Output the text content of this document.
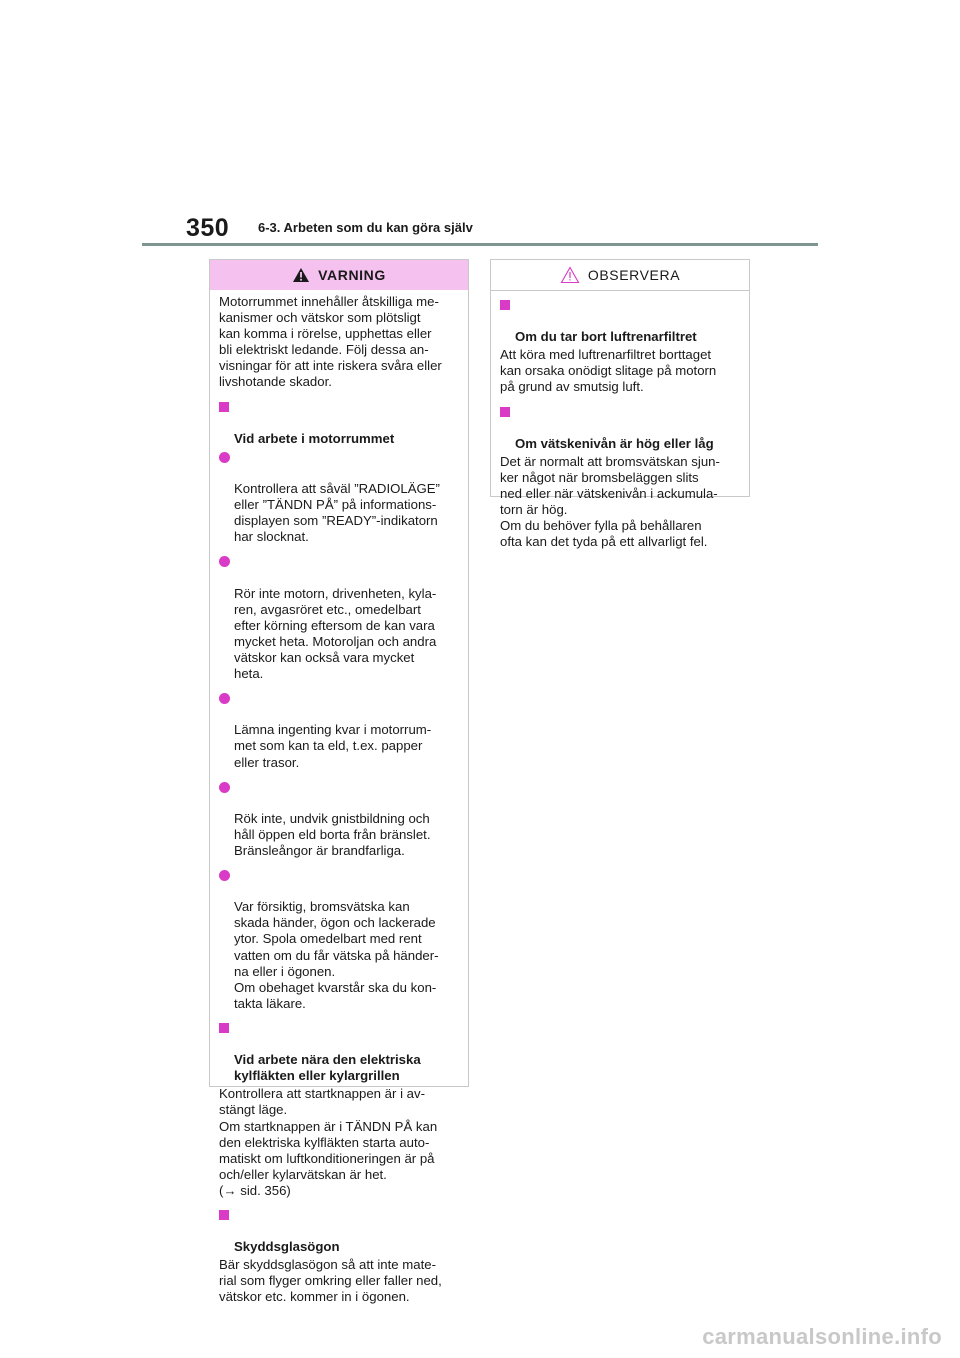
350 6-3. Arbeten som du kan göra själv
VARNING

Motorrummet innehåller åtskilliga me-
kanismer och vätskor som plötsligt
kan komma i rörelse, upphettas eller
bli elektriskt ledande. Följ dessa an-
visningar för att inte riskera svåra eller
livshotande skador.

Vid arbete i motorrummet

Kontrollera att såväl ”RADIOLÄGE”
eller ”TÄNDN PÅ” på informations-
displayen som ”READY”-indikatorn
har slocknat.

Rör inte motorn, drivenheten, kyla-
ren, avgasröret etc., omedelbart
efter körning eftersom de kan vara
mycket heta. Motoroljan och andra
vätskor kan också vara mycket
heta.

Lämna ingenting kvar i motorrum-
met som kan ta eld, t.ex. papper
eller trasor.

Rök inte, undvik gnistbildning och
håll öppen eld borta från bränslet.
Bränsleångor är brandfarliga.

Var försiktig, bromsvätska kan
skada händer, ögon och lackerade
ytor. Spola omedelbart med rent
vatten om du får vätska på händer-
na eller i ögonen.
Om obehaget kvarstår ska du kon-
takta läkare.

Vid arbete nära den elektriska
kylfläkten eller kylargrillen

Kontrollera att startknappen är i av-
stängt läge.
Om startknappen är i TÄNDN PÅ kan
den elektriska kylfläkten starta auto-
matiskt om luftkonditioneringen är på
och/eller kylarvätskan är het.
(→ sid. 356)

Skyddsglasögon

Bär skyddsglasögon så att inte mate-
rial som flyger omkring eller faller ned,
vätskor etc. kommer in i ögonen.

OBSERVERA

Om du tar bort luftrenarfiltret

Att köra med luftrenarfiltret borttaget
kan orsaka onödigt slitage på motorn
på grund av smutsig luft.

Om vätskenivån är hög eller låg

Det är normalt att bromsvätskan sjun-
ker något när bromsbeläggen slits
ned eller när vätskenivån i ackumula-
torn är hög.
Om du behöver fylla på behållaren
ofta kan det tyda på ett allvarligt fel.

carmanualsonline.info
